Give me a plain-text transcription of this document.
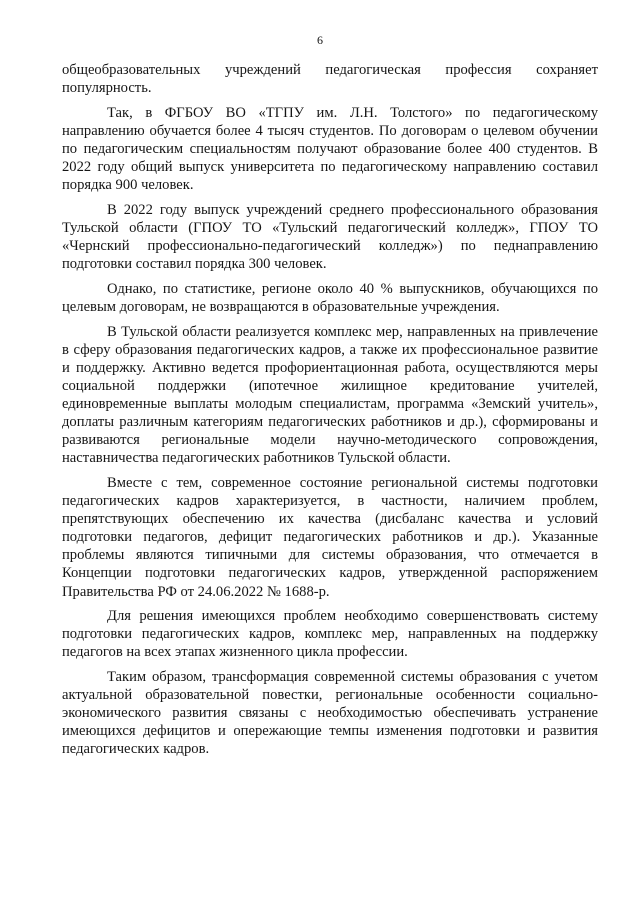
6

общеобразовательных учреждений педагогическая профессия сохраняет популярность.

Так, в ФГБОУ ВО «ТГПУ им. Л.Н. Толстого» по педагогическому направлению обучается более 4 тысяч студентов. По договорам о целевом обучении по педагогическим специальностям получают образование более 400 студентов. В 2022 году общий выпуск университета по педагогическому направлению составил порядка 900 человек.

В 2022 году выпуск учреждений среднего профессионального образования Тульской области (ГПОУ ТО «Тульский педагогический колледж», ГПОУ ТО «Чернский профессионально-педагогический колледж») по педнаправлению подготовки составил порядка 300 человек.

Однако, по статистике, регионе около 40 % выпускников, обучающихся по целевым договорам, не возвращаются в образовательные учреждения.

В Тульской области реализуется комплекс мер, направленных на привлечение в сферу образования педагогических кадров, а также их профессиональное развитие и поддержку. Активно ведется профориентационная работа, осуществляются меры социальной поддержки (ипотечное жилищное кредитование учителей, единовременные выплаты молодым специалистам, программа «Земский учитель», доплаты различным категориям педагогических работников и др.), сформированы и развиваются региональные модели научно-методического сопровождения, наставничества педагогических работников Тульской области.

Вместе с тем, современное состояние региональной системы подготовки педагогических кадров характеризуется, в частности, наличием проблем, препятствующих обеспечению их качества (дисбаланс качества и условий подготовки педагогов, дефицит педагогических работников и др.). Указанные проблемы являются типичными для системы образования, что отмечается в Концепции подготовки педагогических кадров, утвержденной распоряжением Правительства РФ от 24.06.2022 № 1688-р.

Для решения имеющихся проблем необходимо совершенствовать систему подготовки педагогических кадров, комплекс мер, направленных на поддержку педагогов на всех этапах жизненного цикла профессии.

Таким образом, трансформация современной системы образования с учетом актуальной образовательной повестки, региональные особенности социально-экономического развития связаны с необходимостью обеспечивать устранение имеющихся дефицитов и опережающие темпы изменения подготовки и развития педагогических кадров.
